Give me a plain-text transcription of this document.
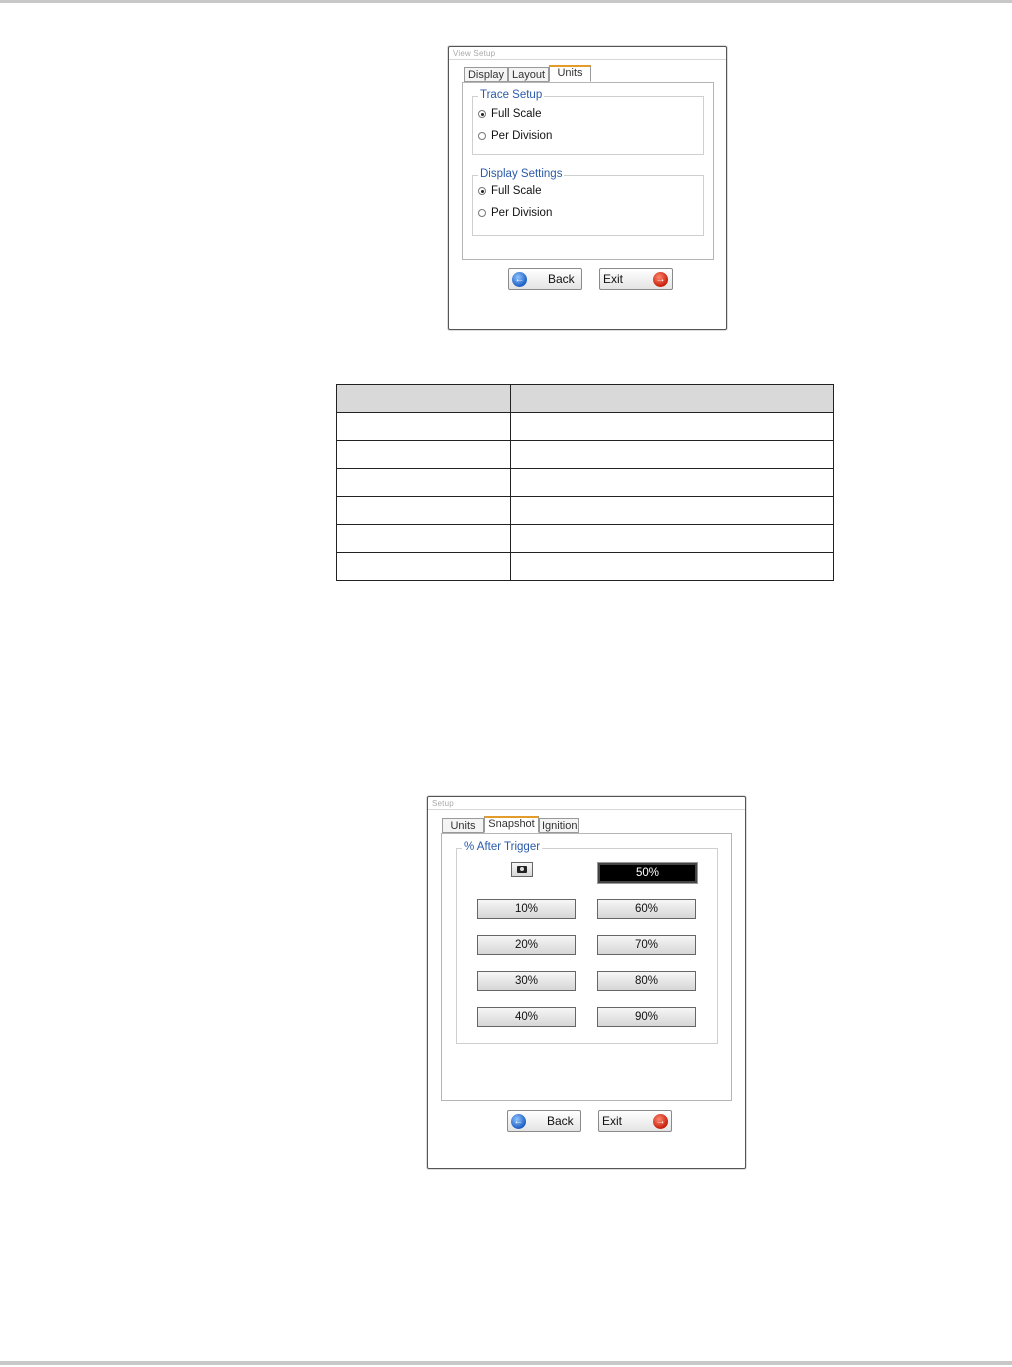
View Setup
Display Layout	Units
Trace Setup
Full Scale
Per Division
Display Settings
Full Scale
Per Division
← Back Exit	→

Setup
Units	Snapshot Ignition
% After Trigger
50%
10%	60%
20%	70%
30%	80%
40%	90%
← Back Exit	→
